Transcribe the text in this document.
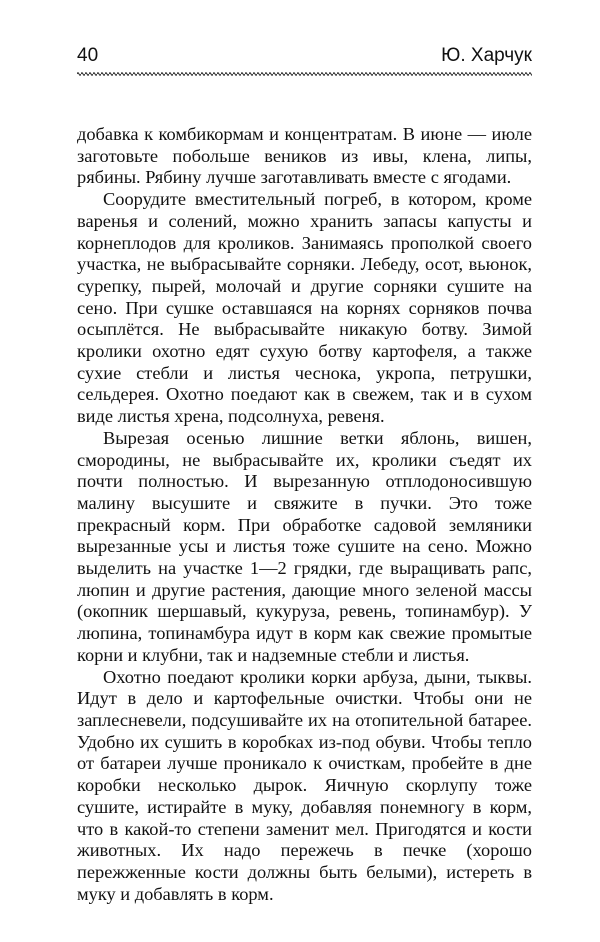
40	Ю. Харчук

добавка к комбикормам и концентратам. В июне — июле заготовьте побольше веников из ивы, клена, липы, рябины. Рябину лучше заготавливать вместе с ягодами.

Соорудите вместительный погреб, в котором, кроме варенья и солений, можно хранить запасы капусты и корнеплодов для кроликов. Занимаясь прополкой своего участка, не выбрасывайте сорняки. Лебеду, осот, вьюнок, сурепку, пырей, молочай и другие сорняки сушите на сено. При сушке оставшаяся на корнях сорняков почва осыплётся. Не выбрасывайте никакую ботву. Зимой кролики охотно едят сухую ботву картофеля, а также сухие стебли и листья чеснока, укропа, петрушки, сельдерея. Охотно поедают как в свежем, так и в сухом виде листья хрена, подсолнуха, ревеня.

Вырезая осенью лишние ветки яблонь, вишен, смородины, не выбрасывайте их, кролики съедят их почти полностью. И вырезанную отплодоносившую малину высушите и свяжите в пучки. Это тоже прекрасный корм. При обработке садовой земляники вырезанные усы и листья тоже сушите на сено. Можно выделить на участке 1—2 грядки, где выращивать рапс, люпин и другие растения, дающие много зеленой массы (окопник шершавый, кукуруза, ревень, топинамбур). У люпина, топинамбура идут в корм как свежие промытые корни и клубни, так и надземные стебли и листья.

Охотно поедают кролики корки арбуза, дыни, тыквы. Идут в дело и картофельные очистки. Чтобы они не заплесневели, подсушивайте их на отопительной батарее. Удобно их сушить в коробках из-под обуви. Чтобы тепло от батареи лучше проникало к очисткам, пробейте в дне коробки несколько дырок. Яичную скорлупу тоже сушите, истирайте в муку, добавляя понемногу в корм, что в какой-то степени заменит мел. Пригодятся и кости животных. Их надо пережечь в печке (хорошо пережженные кости должны быть белыми), истереть в муку и добавлять в корм.
